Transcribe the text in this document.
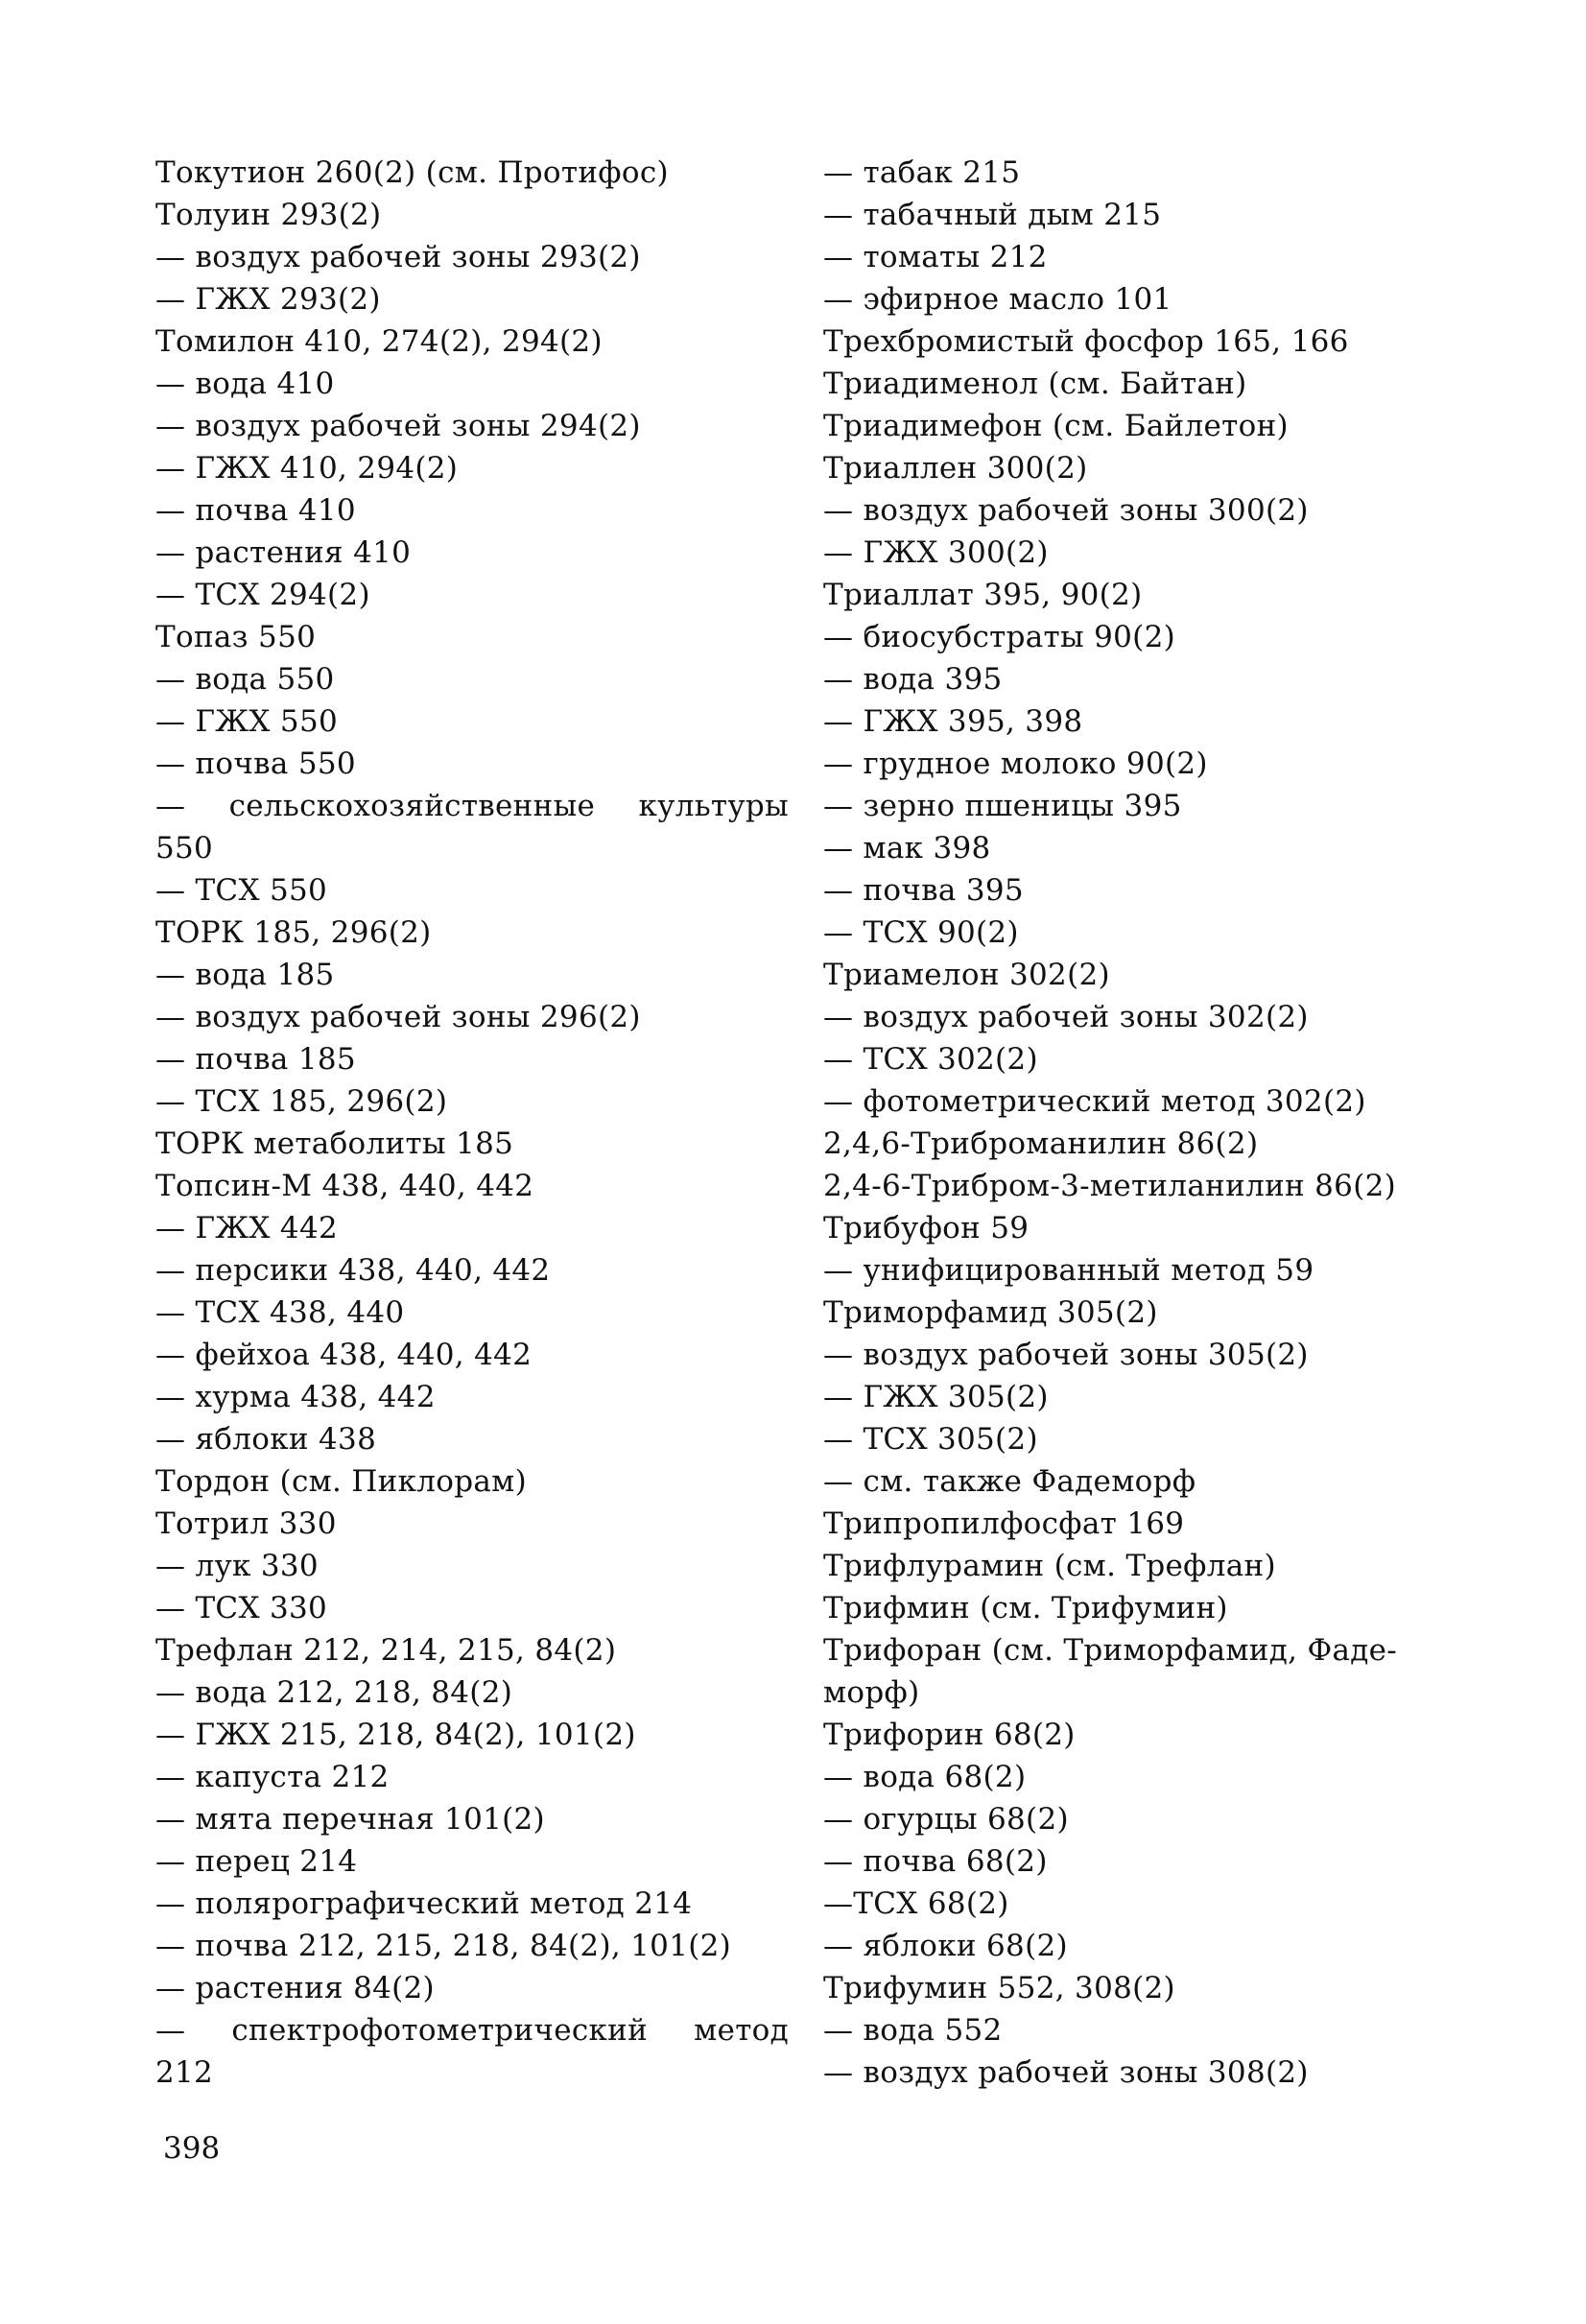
Токутион 260(2) (см. Протифос)
Толуин 293(2)
— воздух рабочей зоны 293(2)
— ГЖХ 293(2)
Томилон 410, 274(2), 294(2)
— вода 410
— воздух рабочей зоны 294(2)
— ГЖХ 410, 294(2)
— почва 410
— растения 410
— ТСХ 294(2)
Топаз 550
— вода 550
— ГЖХ 550
— почва 550
— сельскохозяйственные культуры
550
— ТСХ 550
ТОРК 185, 296(2)
— вода 185
— воздух рабочей зоны 296(2)
— почва 185
— ТСХ 185, 296(2)
ТОРК метаболиты 185
Топсин-М 438, 440, 442
— ГЖХ 442
— персики 438, 440, 442
— ТСХ 438, 440
— фейхоа 438, 440, 442
— хурма 438, 442
— яблоки 438
Тордон (см. Пиклорам)
Тотрил 330
— лук 330
— ТСХ 330
Трефлан 212, 214, 215, 84(2)
— вода 212, 218, 84(2)
— ГЖХ 215, 218, 84(2), 101(2)
— капуста 212
— мята перечная 101(2)
— перец 214
— полярографический метод 214
— почва 212, 215, 218, 84(2), 101(2)
— растения 84(2)
— спектрофотометрический метод
212
— табак 215
— табачный дым 215
— томаты 212
— эфирное масло 101
Трехбромистый фосфор 165, 166
Триадименол (см. Байтан)
Триадимефон (см. Байлетон)
Триаллен 300(2)
— воздух рабочей зоны 300(2)
— ГЖХ 300(2)
Триаллат 395, 90(2)
— биосубстраты 90(2)
— вода 395
— ГЖХ 395, 398
— грудное молоко 90(2)
— зерно пшеницы 395
— мак 398
— почва 395
— ТСХ 90(2)
Триамелон 302(2)
— воздух рабочей зоны 302(2)
— ТСХ 302(2)
— фотометрический метод 302(2)
2,4,6-Триброманилин 86(2)
2,4-6-Трибром-3-метиланилин 86(2)
Трибуфон 59
— унифицированный метод 59
Триморфамид 305(2)
— воздух рабочей зоны 305(2)
— ГЖХ 305(2)
— ТСХ 305(2)
— см. также Фадеморф
Трипропилфосфат 169
Трифлурамин (см. Трефлан)
Трифмин (см. Трифумин)
Трифоран (см. Триморфамид, Фаде-
морф)
Трифорин 68(2)
— вода 68(2)
— огурцы 68(2)
— почва 68(2)
—ТСХ 68(2)
— яблоки 68(2)
Трифумин 552, 308(2)
— вода 552
— воздух рабочей зоны 308(2)
398
